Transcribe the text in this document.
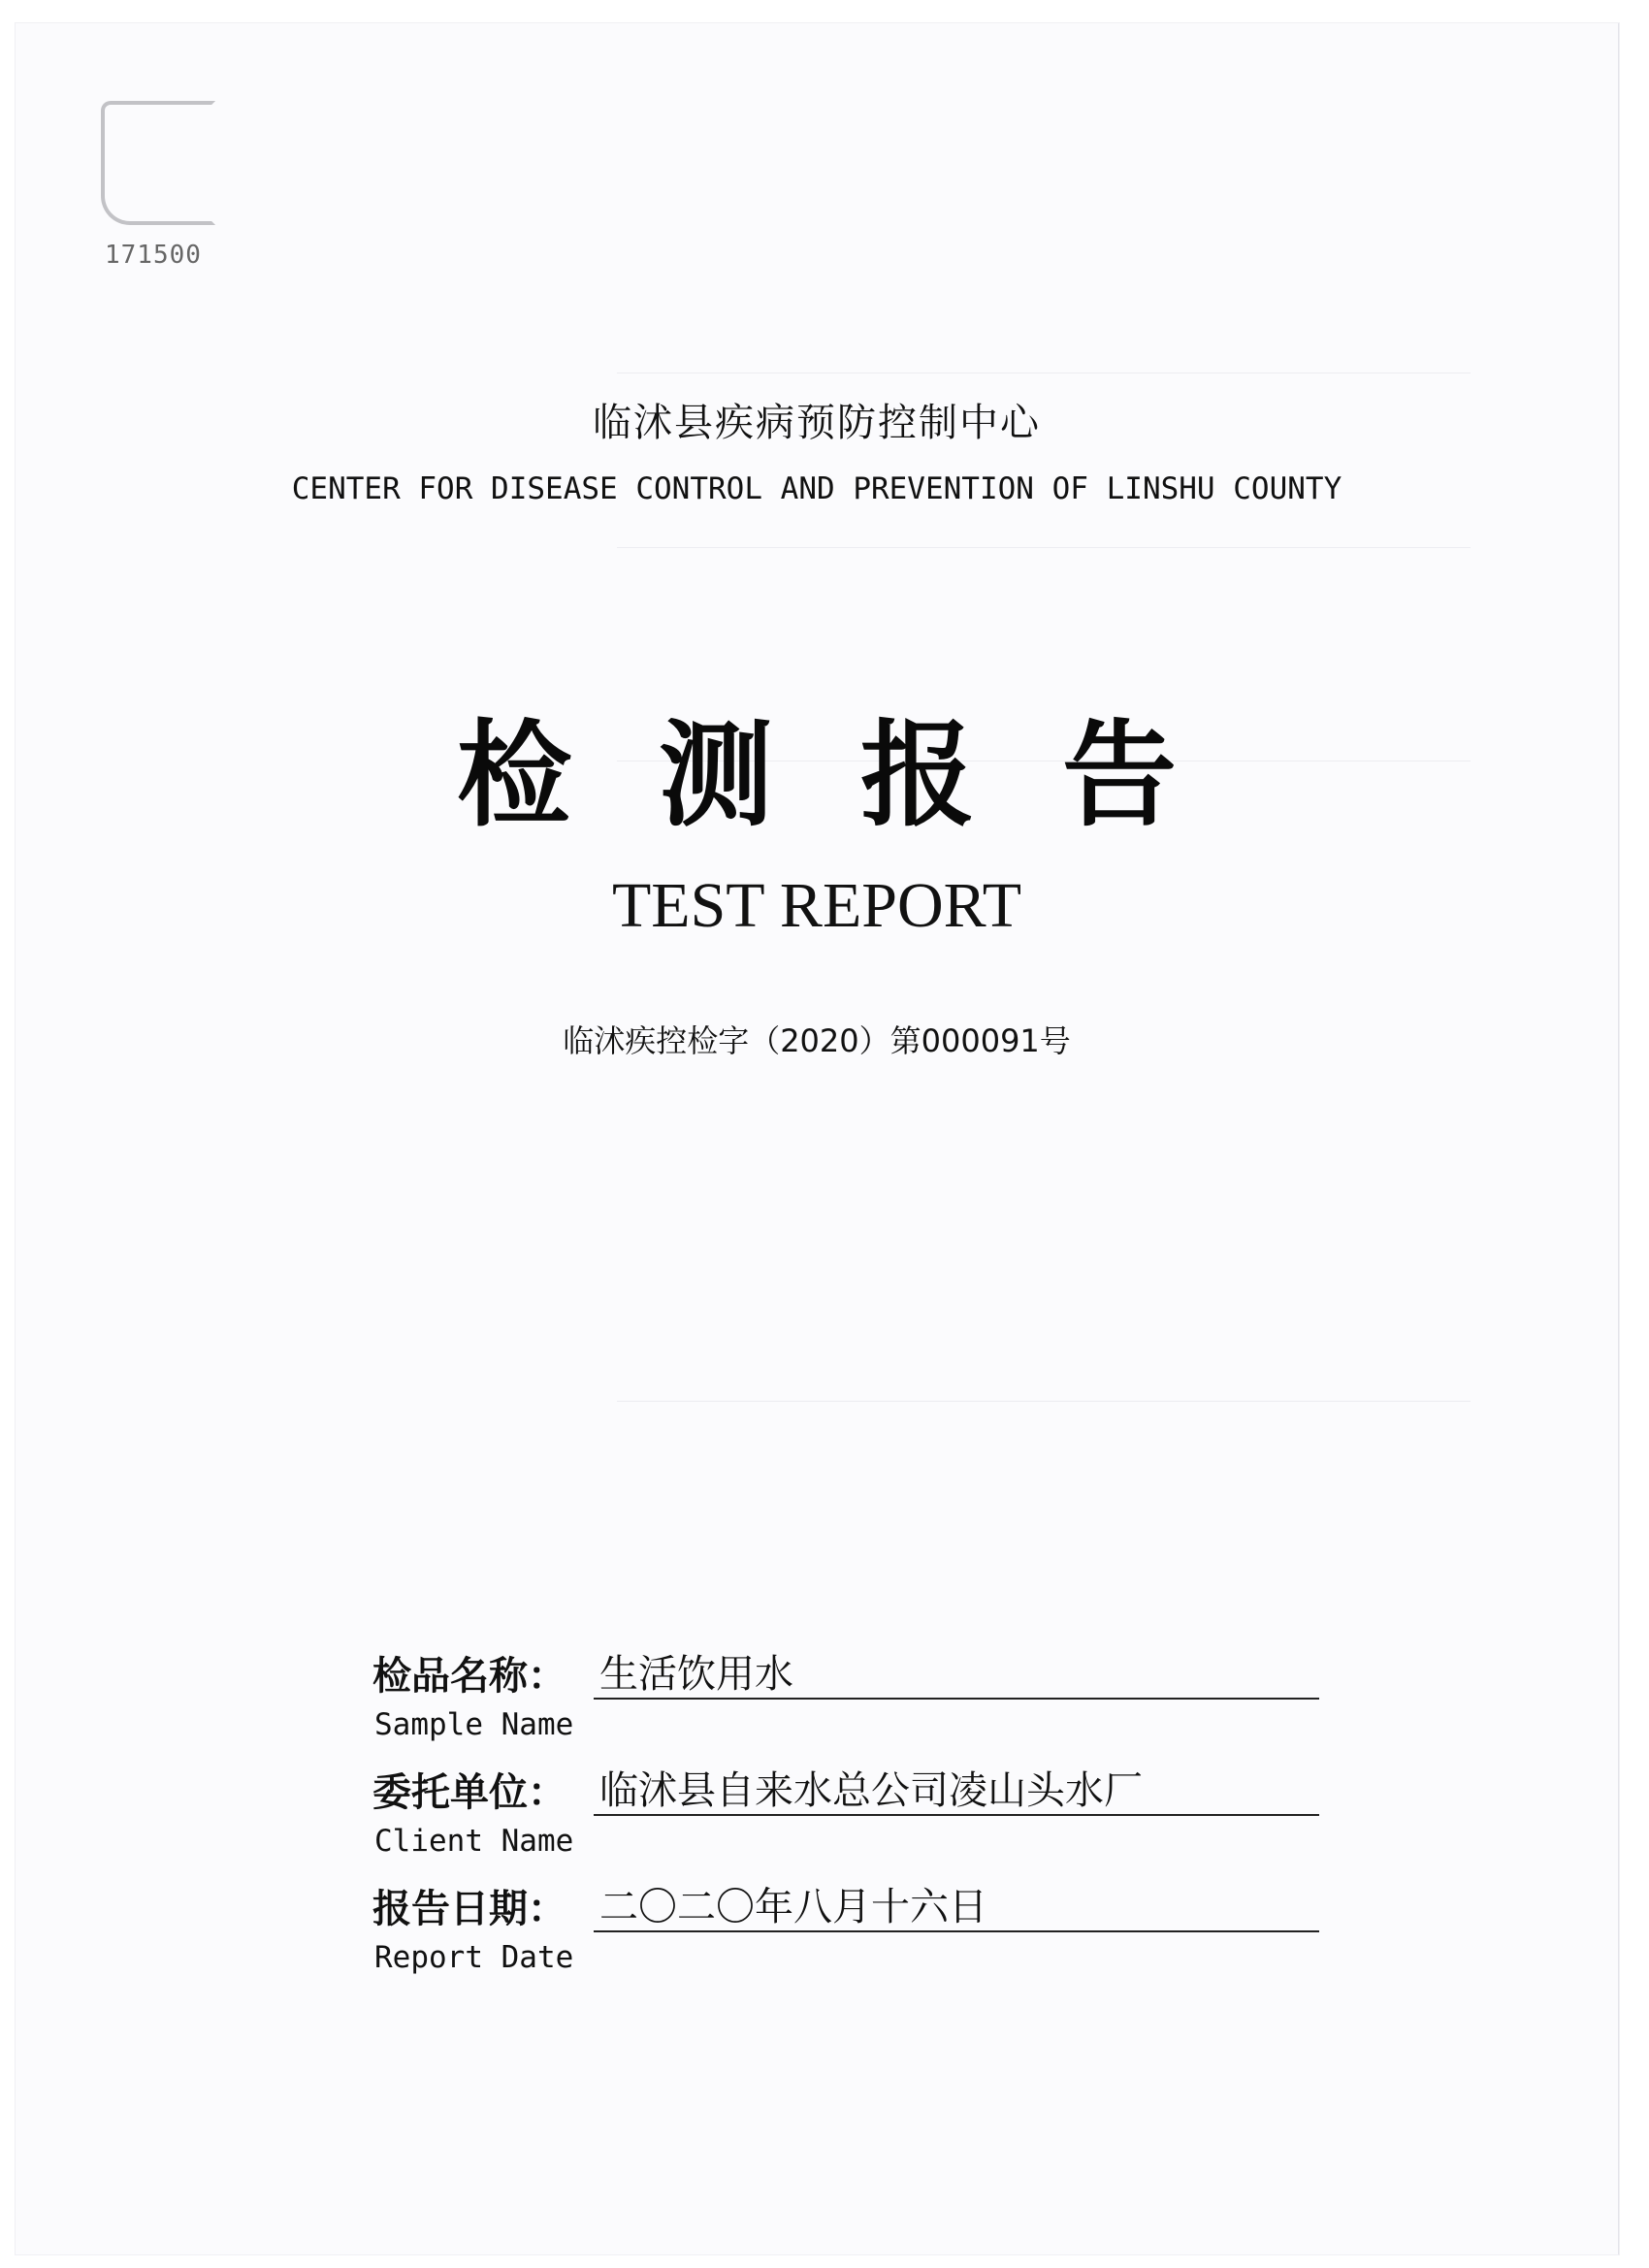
171500
临沭县疾病预防控制中心
CENTER FOR DISEASE CONTROL AND PREVENTION OF LINSHU COUNTY
检测报告
TEST REPORT
临沭疾控检字（2020）第000091号
检品名称： 生活饮用水
Sample Name
委托单位： 临沭县自来水总公司凌山头水厂
Client Name
报告日期： 二〇二〇年八月十六日
Report Date
